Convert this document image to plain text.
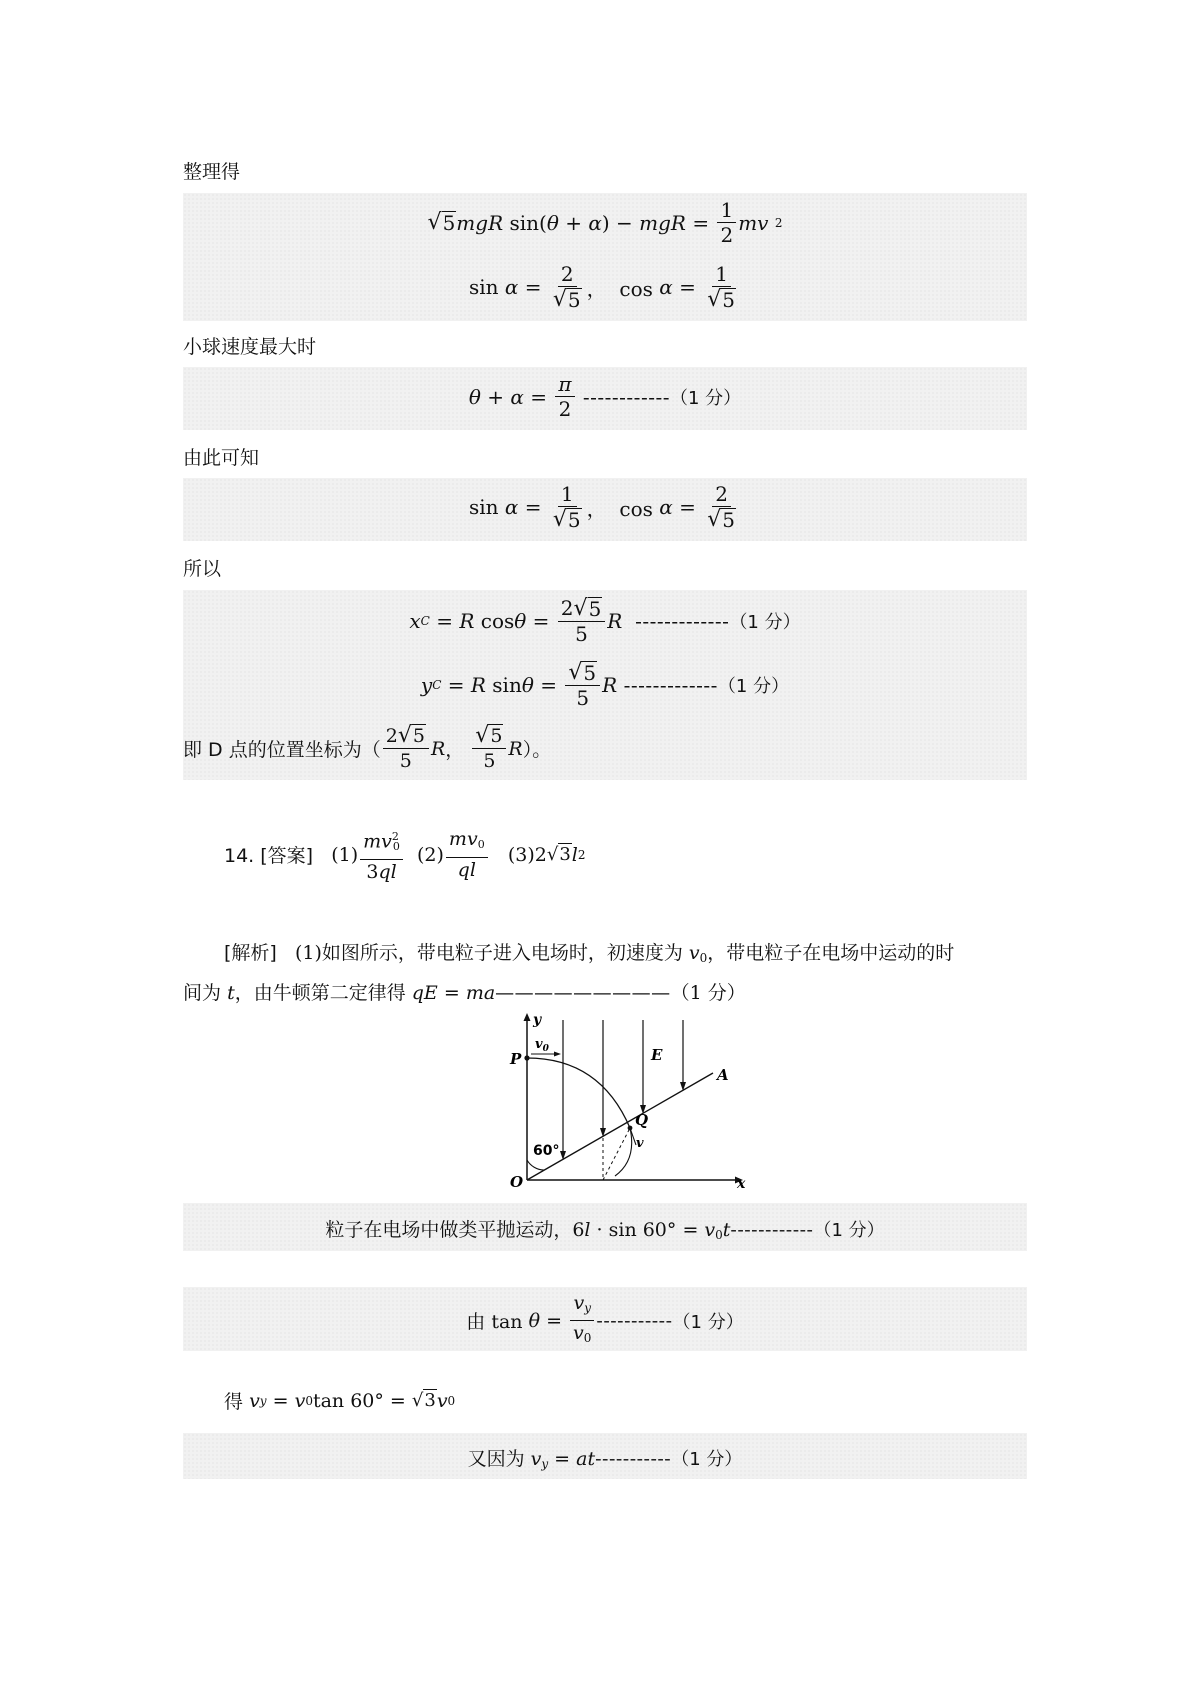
整理得
√ 5 mgR sin( θ + α ) − mgR = $\frac{1}{2}$ mv
2
$\sin \alpha = \frac{2}{√ 5}$ ，  $\cos \alpha = \frac{1}{√ 5}$
小球速度最大时
$\theta + \alpha = \frac{\pi}{2}$
------------ （1 分）
由此可知
$\sin \alpha = \frac{1}{√ 5}$ ，  $\cos \alpha = \frac{2}{√ 5}$
所以
x C = R $\cos \theta = \frac{2 √ 5}{5}$ R
------------- （1 分）
y C = R $\sin \theta = \frac{√ 5}{5}$ R
------------- （1 分）
即 D 点的位置坐标为（ $\frac{2 √ 5}{5}$ R ， $\frac{√ 5}{5}$ R ）。
14. [答案]
$(1) \frac{mv^2_0}{3ql}$
$(2) \frac{mv_0}{ql}$
(3)2 √ 3 l 2
[解析] (1)如图所示，带电粒子进入电场时，初速度为 $v_0$，带电粒子在电场中运动的时
间为 t，由牛顿第二定律得 qE = ma—————————（1 分）
y
x
O
P
$v_0$	E
A
Q
v
60°
粒子在电场中做类平抛运动，$6l \cdot \sin 60^\circ = v_0t------------(1$ 分）
由 tan
$\theta = \frac{v_y}{v_0}$ ----------- （1 分）
得
v y = v 0 tan 60° = √ 3 v 0
又因为 $v_y = at-----------(1$ 分）
